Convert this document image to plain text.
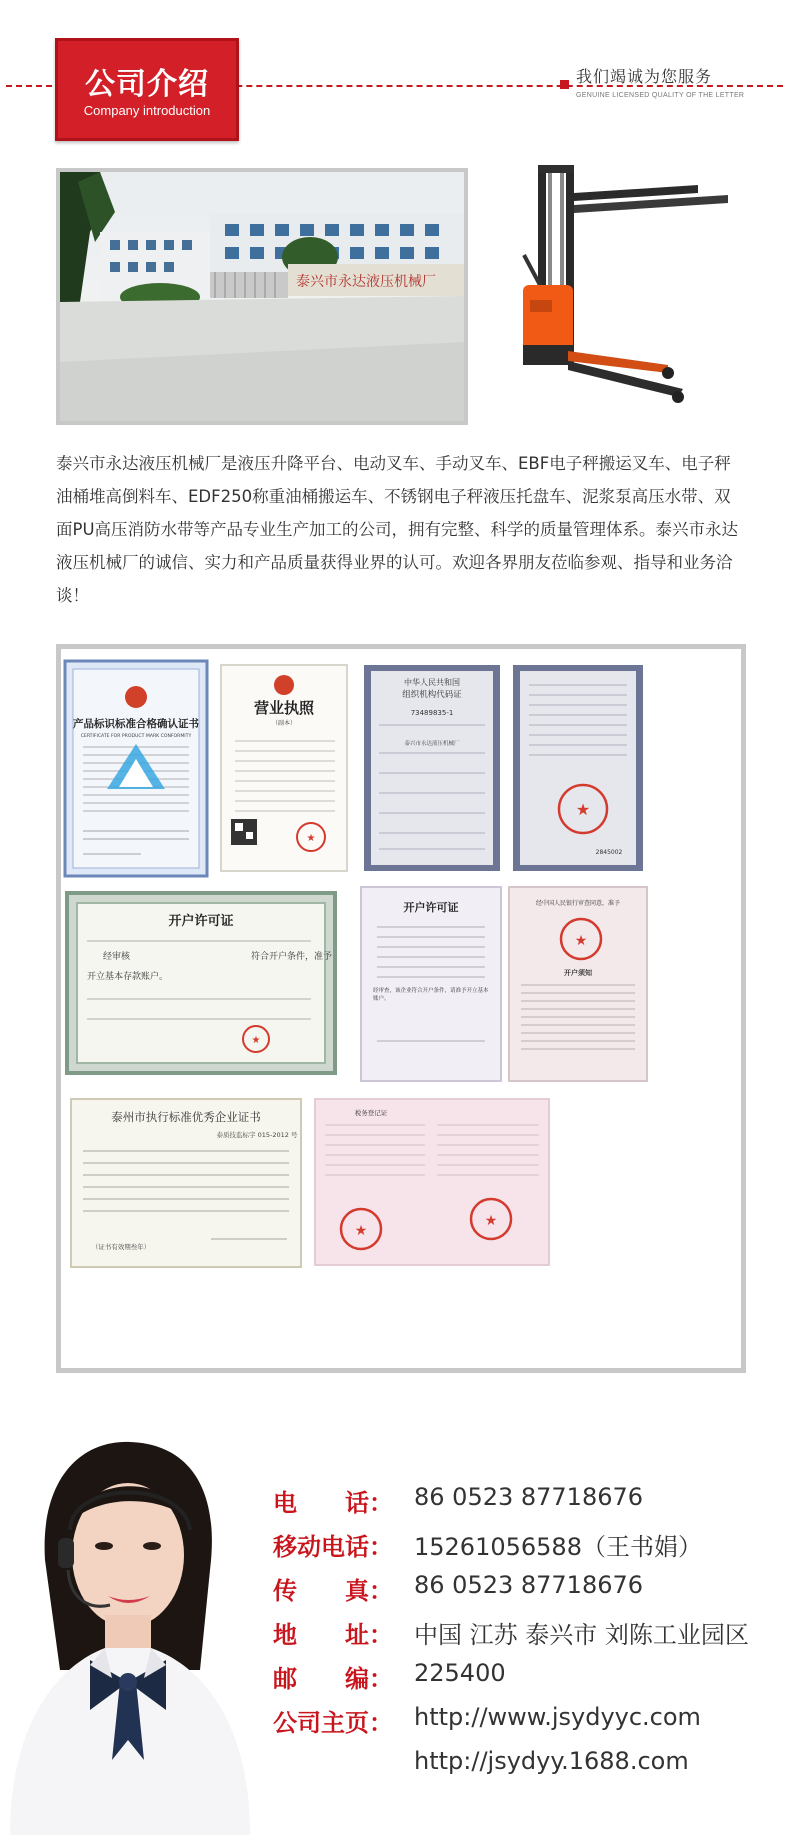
公司介绍
Company introduction
我们竭诚为您服务
GENUINE LICENSED QUALITY OF THE LETTER
泰兴市永达液压机械厂
泰兴市永达液压机械厂是液压升降平台、电动叉车、手动叉车、EBF电子秤搬运叉车、电子秤油桶堆高倒料车、EDF250称重油桶搬运车、不锈钢电子秤液压托盘车、泥浆泵高压水带、双面PU高压消防水带等产品专业生产加工的公司，拥有完整、科学的质量管理体系。泰兴市永达液压机械厂的诚信、实力和产品质量获得业界的认可。欢迎各界朋友莅临参观、指导和业务洽谈！
产品标识标准合格确认证书
CERTIFICATE FOR PRODUCT MARK CONFORMITY
营业执照
（副本）
★
中华人民共和国
组织机构代码证
73489835-1
泰兴市永达液压机械厂
★
2845002
开户许可证
经审核	符合开户条件，准予
开立基本存款账户。
★
开户许可证
经审查，该企业符合开户条件，请准予开立基本账户。
经中国人民银行审查同意，准予
★
开户须知
泰州市执行标准优秀企业证书
泰质技监标字 015-2012 号
（证书有效期叁年）
税务登记证
★
★
电　　话： 86 0523 87718676
移动电话： 15261056588（王书娟）
传　　真： 86 0523 87718676
地　　址： 中国 江苏 泰兴市 刘陈工业园区
邮　　编： 225400
公司主页： http://www.jsydyyc.com
http://jsydyy.1688.com
